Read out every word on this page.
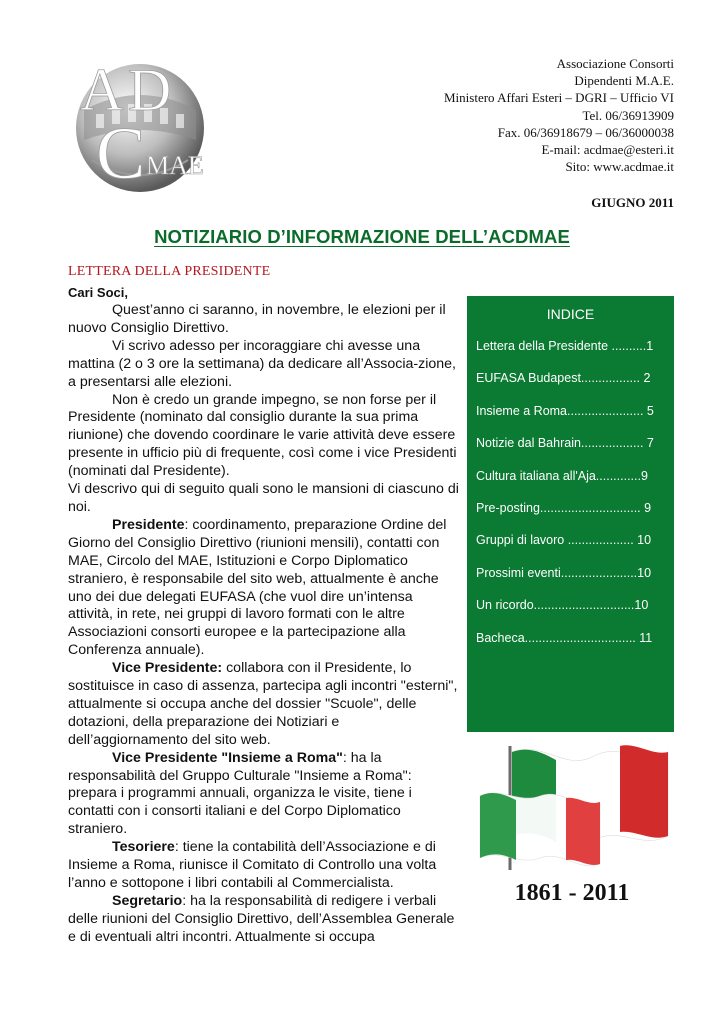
A D
C MAE
Associazione Consorti
Dipendenti M.A.E.
Ministero Affari Esteri – DGRI – Ufficio VI
Tel. 06/36913909
Fax. 06/36918679 – 06/36000038
E-mail: acdmae@esteri.it
Sito: www.acdmae.it
GIUGNO 2011
NOTIZIARIO D’INFORMAZIONE DELL’ACDMAE
LETTERA DELLA PRESIDENTE
Cari Soci,

Quest’anno ci saranno, in novembre, le elezioni per il nuovo Consiglio Direttivo.

Vi scrivo adesso per incoraggiare chi avesse una mattina (2 o 3 ore la settimana) da dedicare all’Associa-zione, a presentarsi alle elezioni.

Non è credo un grande impegno, se non forse per il Presidente (nominato dal consiglio durante la sua prima riunione) che dovendo coordinare le varie attività deve essere presente in ufficio più di frequente, così come i vice Presidenti (nominati dal Presidente).

Vi descrivo qui di seguito quali sono le mansioni di ciascuno di noi.

Presidente: coordinamento, preparazione Ordine del Giorno del Consiglio Direttivo (riunioni mensili), contatti con MAE, Circolo del MAE, Istituzioni e Corpo Diplomatico straniero, è responsabile del sito web, attualmente è anche uno dei due delegati EUFASA (che vuol dire un’intensa attività, in rete, nei gruppi di lavoro formati con le altre Associazioni consorti europee e la partecipazione alla Conferenza annuale).

Vice Presidente: collabora con il Presidente, lo sostituisce in caso di assenza, partecipa agli incontri "esterni", attualmente si occupa anche del dossier "Scuole", delle dotazioni, della preparazione dei Notiziari e dell’aggiornamento del sito web.

Vice Presidente "Insieme a Roma": ha la responsabilità del Gruppo Culturale "Insieme a Roma": prepara i programmi annuali, organizza le visite, tiene i contatti con i consorti italiani e del Corpo Diplomatico straniero.

Tesoriere: tiene la contabilità dell’Associazione e di Insieme a Roma, riunisce il Comitato di Controllo una volta l’anno e sottopone i libri contabili al Commercialista.

Segretario: ha la responsabilità di redigere i verbali delle riunioni del Consiglio Direttivo, dell’Assemblea Generale e di eventuali altri incontri. Attualmente si occupa

INDICE
Lettera della Presidente ..........1
EUFASA Budapest................. 2
Insieme a Roma...................... 5
Notizie dal Bahrain.................. 7
Cultura italiana all'Aja.............9
Pre-posting............................. 9
Gruppi di lavoro ................... 10
Prossimi eventi......................10
Un ricordo.............................10
Bacheca................................ 11
1861 - 2011
